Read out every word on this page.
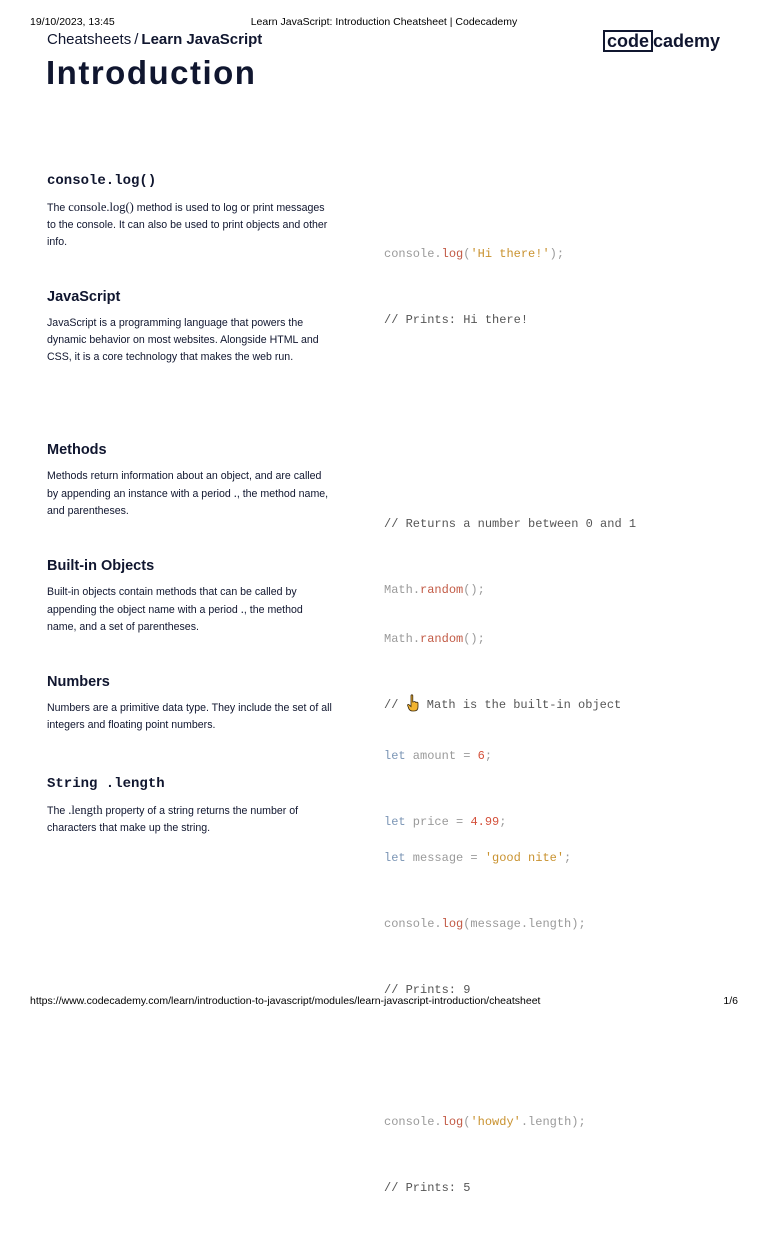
19/10/2023, 13:45	Learn JavaScript: Introduction Cheatsheet | Codecademy
Cheatsheets / Learn JavaScript	code cademy
Introduction
console.log()

The console.log() method is used to log or print messages to the console. It can also be used to print objects and other info.

console.log('Hi there!');

// Prints: Hi there!

JavaScript

JavaScript is a programming language that powers the dynamic behavior on most websites. Alongside HTML and CSS, it is a core technology that makes the web run.

Methods

Methods return information about an object, and are called by appending an instance with a period ., the method name, and parentheses.

// Returns a number between 0 and 1

Math.random();

Built-in Objects

Built-in objects contain methods that can be called by appending the object name with a period ., the method name, and a set of parentheses.

Math.random();

//  Math is the built-in object

Numbers

Numbers are a primitive data type. They include the set of all integers and floating point numbers.

let amount = 6;

let price = 4.99;

String .length

The .length property of a string returns the number of characters that make up the string.

let message = 'good nite';

console.log(message.length);

// Prints: 9

console.log('howdy'.length);

// Prints: 5

https://www.codecademy.com/learn/introduction-to-javascript/modules/learn-javascript-introduction/cheatsheet	1/6
